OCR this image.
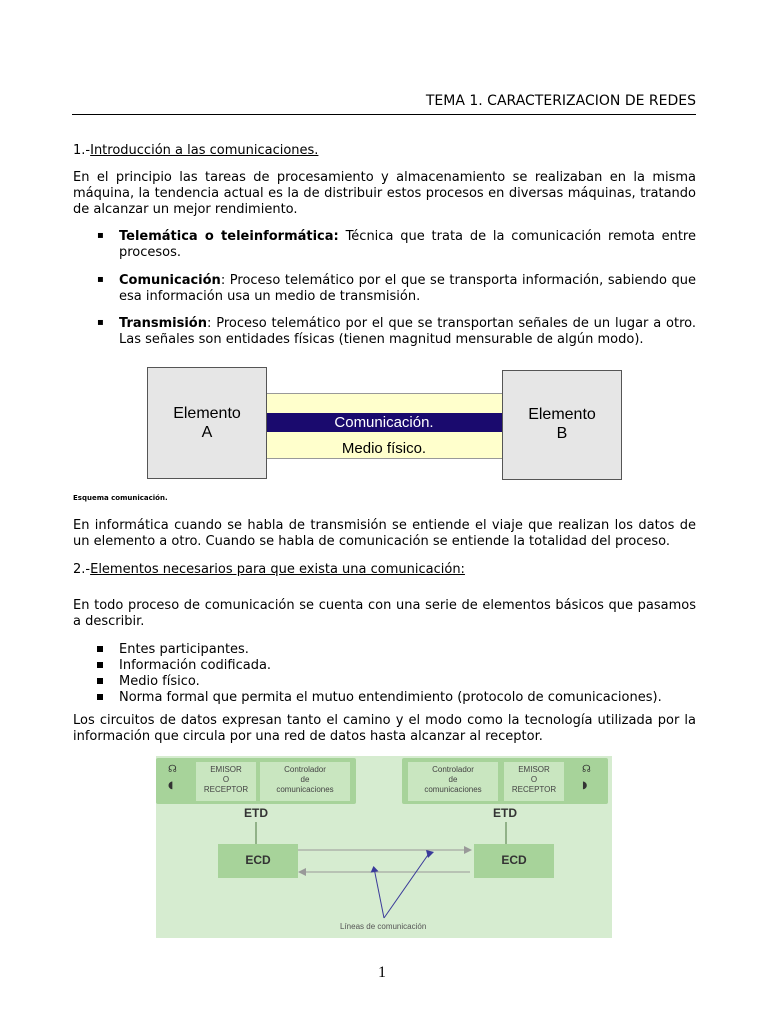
TEMA 1. CARACTERIZACION DE REDES
1.-Introducción a las comunicaciones.
En el principio las tareas de procesamiento y almacenamiento se realizaban en la misma máquina, la tendencia actual es la de distribuir estos procesos en diversas máquinas, tratando de alcanzar un mejor rendimiento.
▪ Telemática o teleinformática: Técnica que trata de la comunicación remota entre procesos.
▪ Comunicación: Proceso telemático por el que se transporta información, sabiendo que esa información usa un medio de transmisión.
▪ Transmisión: Proceso telemático por el que se transportan señales de un lugar a otro. Las señales son entidades físicas (tienen magnitud mensurable de algún modo).
Comunicación.
Medio físico.
Elemento
A
Elemento
B
Esquema comunicación.
En informática cuando se habla de transmisión se entiende el viaje que realizan los datos de un elemento a otro. Cuando se habla de comunicación se entiende la totalidad del proceso.
2.-Elementos necesarios para que exista una comunicación:
En todo proceso de comunicación se cuenta con una serie de elementos básicos que pasamos a describir.
Entes participantes.
Información codificada.
Medio físico.
Norma formal que permita el mutuo entendimiento (protocolo de comunicaciones).
Los circuitos de datos expresan tanto el camino y el modo como la tecnología utilizada por la información que circula por una red de datos hasta alcanzar al receptor.
EMISOR
O
RECEPTOR
Controlador
de
comunicaciones
☊
◖
ETD
Controlador
de
comunicaciones
EMISOR
O
RECEPTOR
☊
◗
ETD
ECD	ECD
Líneas de comunicación
1
